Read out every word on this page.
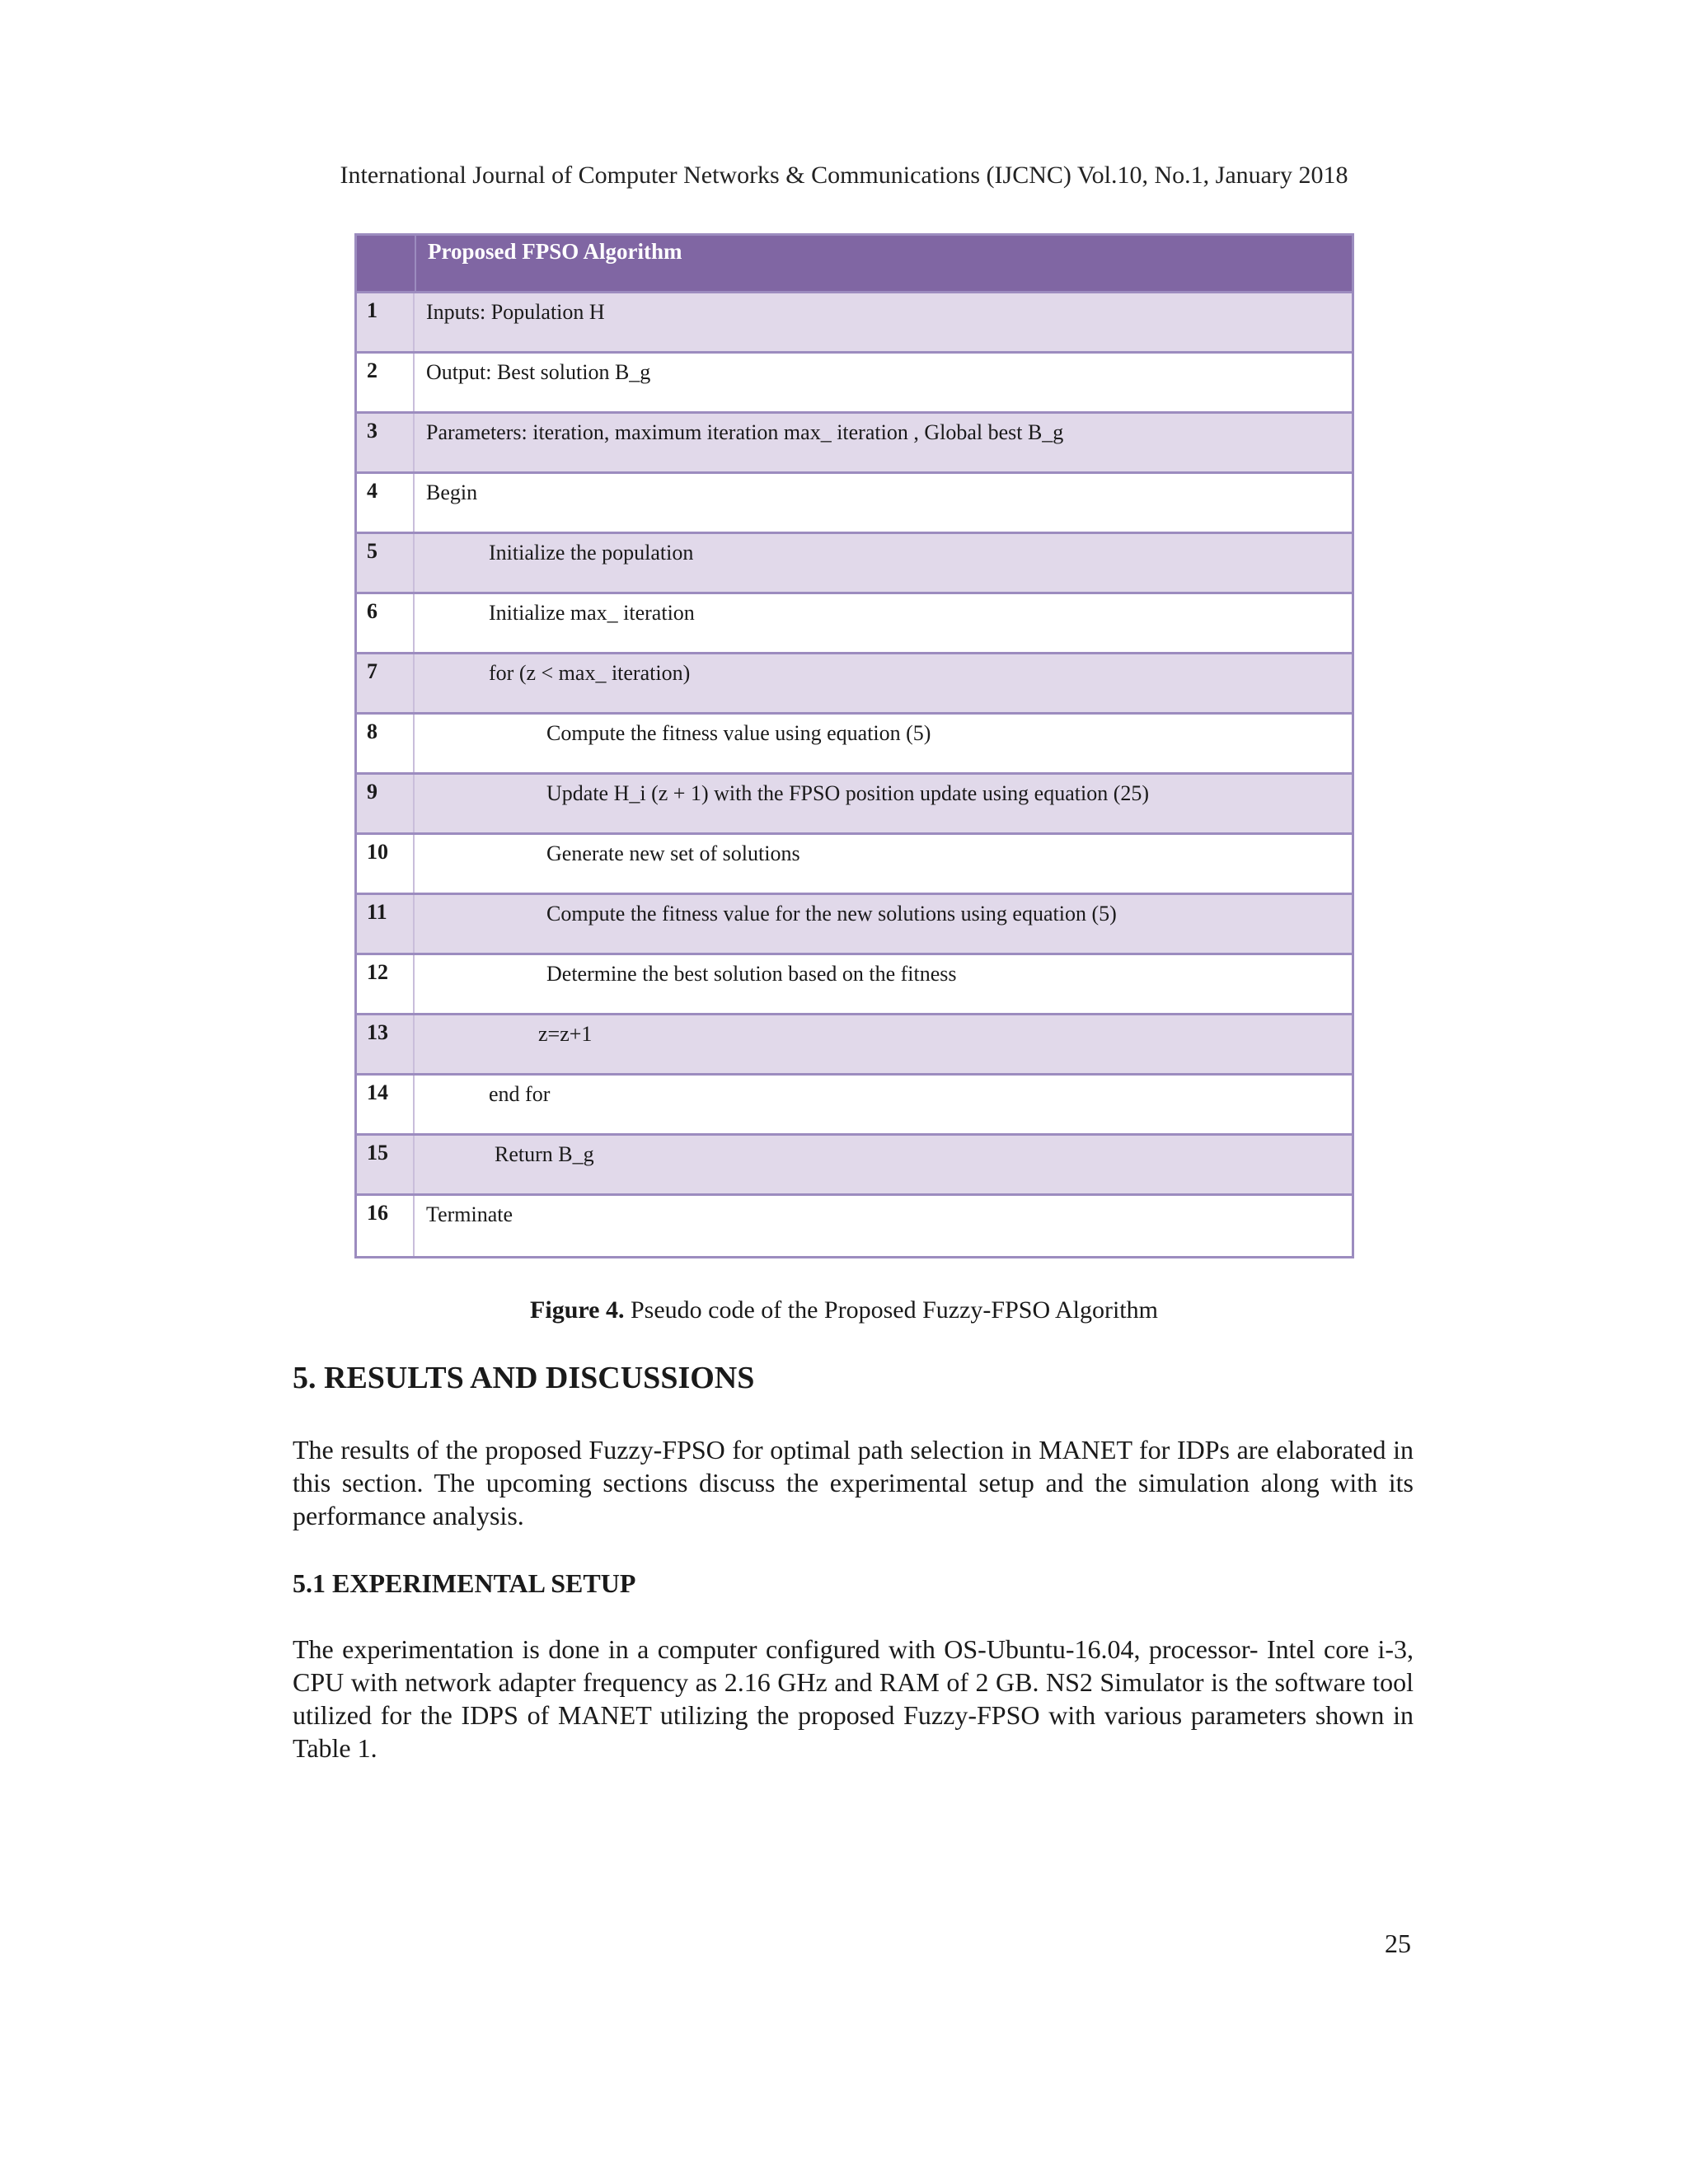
International Journal of Computer Networks & Communications (IJCNC) Vol.10, No.1, January 2018
Proposed FPSO Algorithm
1	Inputs: Population H
2	Output: Best solution B_g
3	Parameters: iteration, maximum iteration max_ iteration , Global best B_g
4	Begin
5	Initialize the population
6	Initialize max_ iteration
7	for (z < max_ iteration)
8	Compute the fitness value using equation (5)
9	Update H_i (z + 1) with the FPSO position update using equation (25)
10	Generate new set of solutions
11	Compute the fitness value for the new solutions using equation (5)
12	Determine the best solution based on the fitness
13	z=z+1
14	end for
15	Return B_g
16	Terminate
Figure 4. Pseudo code of the Proposed Fuzzy-FPSO Algorithm
5. RESULTS AND DISCUSSIONS
The results of the proposed Fuzzy-FPSO for optimal path selection in MANET for IDPs are elaborated in this section. The upcoming sections discuss the experimental setup and the simulation along with its performance analysis.
5.1 EXPERIMENTAL SETUP
The experimentation is done in a computer configured with OS-Ubuntu-16.04, processor- Intel core i-3, CPU with network adapter frequency as 2.16 GHz and RAM of 2 GB. NS2 Simulator is the software tool utilized for the IDPS of MANET utilizing the proposed Fuzzy-FPSO with various parameters shown in Table 1.
25
